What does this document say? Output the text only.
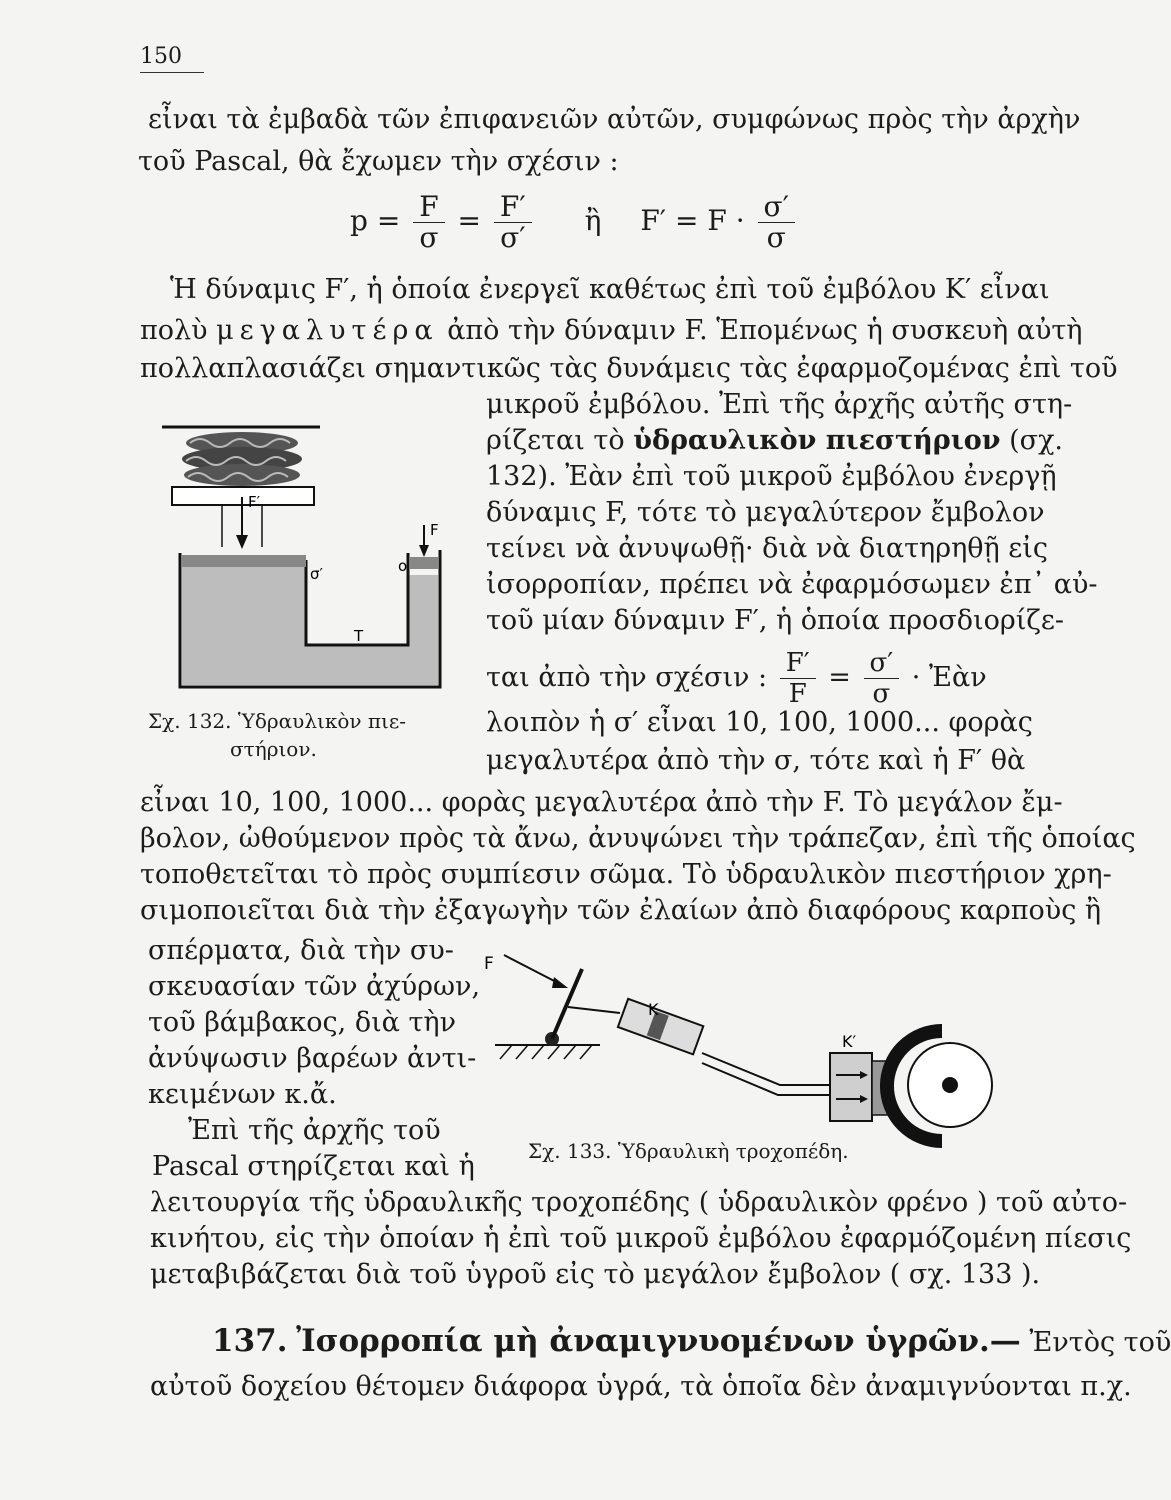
150
εἶναι τὰ ἐμβαδὰ τῶν ἐπιφανειῶν αὐτῶν, συμφώνως πρὸς τὴν ἀρχὴν
τοῦ Pascal, θὰ ἔχωμεν τὴν σχέσιν :
$p = \frac{F}{\sigma} = \frac{F'}{\sigma'}$ ἢ $F' = F \cdot \frac{\sigma'}{\sigma}$
Ἡ δύναμις F′, ἡ ὁποία ἐνεργεῖ καθέτως ἐπὶ τοῦ ἐμβόλου K′ εἶναι
πολὺ μεγαλυτέρα ἀπὸ τὴν δύναμιν F. Ἑπομένως ἡ συσκευὴ αὐτὴ
πολλαπλασιάζει σημαντικῶς τὰς δυνάμεις τὰς ἐφαρμοζομένας ἐπὶ τοῦ
μικροῦ ἐμβόλου. Ἐπὶ τῆς ἀρχῆς αὐτῆς στη-
ρίζεται τὸ ὑδραυλικὸν πιεστήριον (σχ.
132). Ἐὰν ἐπὶ τοῦ μικροῦ ἐμβόλου ἐνεργῇ
δύναμις F, τότε τὸ μεγαλύτερον ἔμβολον
τείνει νὰ ἀνυψωθῇ· διὰ νὰ διατηρηθῇ εἰς
ἰσορροπίαν, πρέπει νὰ ἐφαρμόσωμεν ἐπ᾽ αὐ-
τοῦ μίαν δύναμιν F′, ἡ ὁποία προσδιορίζε-
ται ἀπὸ τὴν σχέσιν : $\frac{F'}{F} = \frac{\sigma'}{\sigma}$ · Ἐὰν
λοιπὸν ἡ σ′ εἶναι 10, 100, 1000... φορὰς
μεγαλυτέρα ἀπὸ τὴν σ, τότε καὶ ἡ F′ θὰ
F′
F
σ′	o
T
Σχ. 132. Ὑδραυλικὸν πιε-
στήριον.
εἶναι 10, 100, 1000... φορὰς μεγαλυτέρα ἀπὸ τὴν F. Τὸ μεγάλον ἔμ-
βολον, ὠθούμενον πρὸς τὰ ἄνω, ἀνυψώνει τὴν τράπεζαν, ἐπὶ τῆς ὁποίας
τοποθετεῖται τὸ πρὸς συμπίεσιν σῶμα. Τὸ ὑδραυλικὸν πιεστήριον χρη-
σιμοποιεῖται διὰ τὴν ἐξαγωγὴν τῶν ἐλαίων ἀπὸ διαφόρους καρποὺς ἢ
σπέρματα, διὰ τὴν συ-
σκευασίαν τῶν ἀχύρων,
τοῦ βάμβακος, διὰ τὴν
ἀνύψωσιν βαρέων ἀντι-
κειμένων κ.ἄ.
Ἐπὶ τῆς ἀρχῆς τοῦ
Pascal στηρίζεται καὶ ἡ
F
K
K′
Σχ. 133. Ὑδραυλικὴ τροχοπέδη.
λειτουργία τῆς ὑδραυλικῆς τροχοπέδης ( ὑδραυλικὸν φρένο ) τοῦ αὐτο-
κινήτου, εἰς τὴν ὁποίαν ἡ ἐπὶ τοῦ μικροῦ ἐμβόλου ἐφαρμόζομένη πίεσις
μεταβιβάζεται διὰ τοῦ ὑγροῦ εἰς τὸ μεγάλον ἔμβολον ( σχ. 133 ).
137. Ἰσορροπία μὴ ἀναμιγνυομένων ὑγρῶν.— Ἐντὸς τοῦ
αὐτοῦ δοχείου θέτομεν διάφορα ὑγρά, τὰ ὁποῖα δὲν ἀναμιγνύονται π.χ.
